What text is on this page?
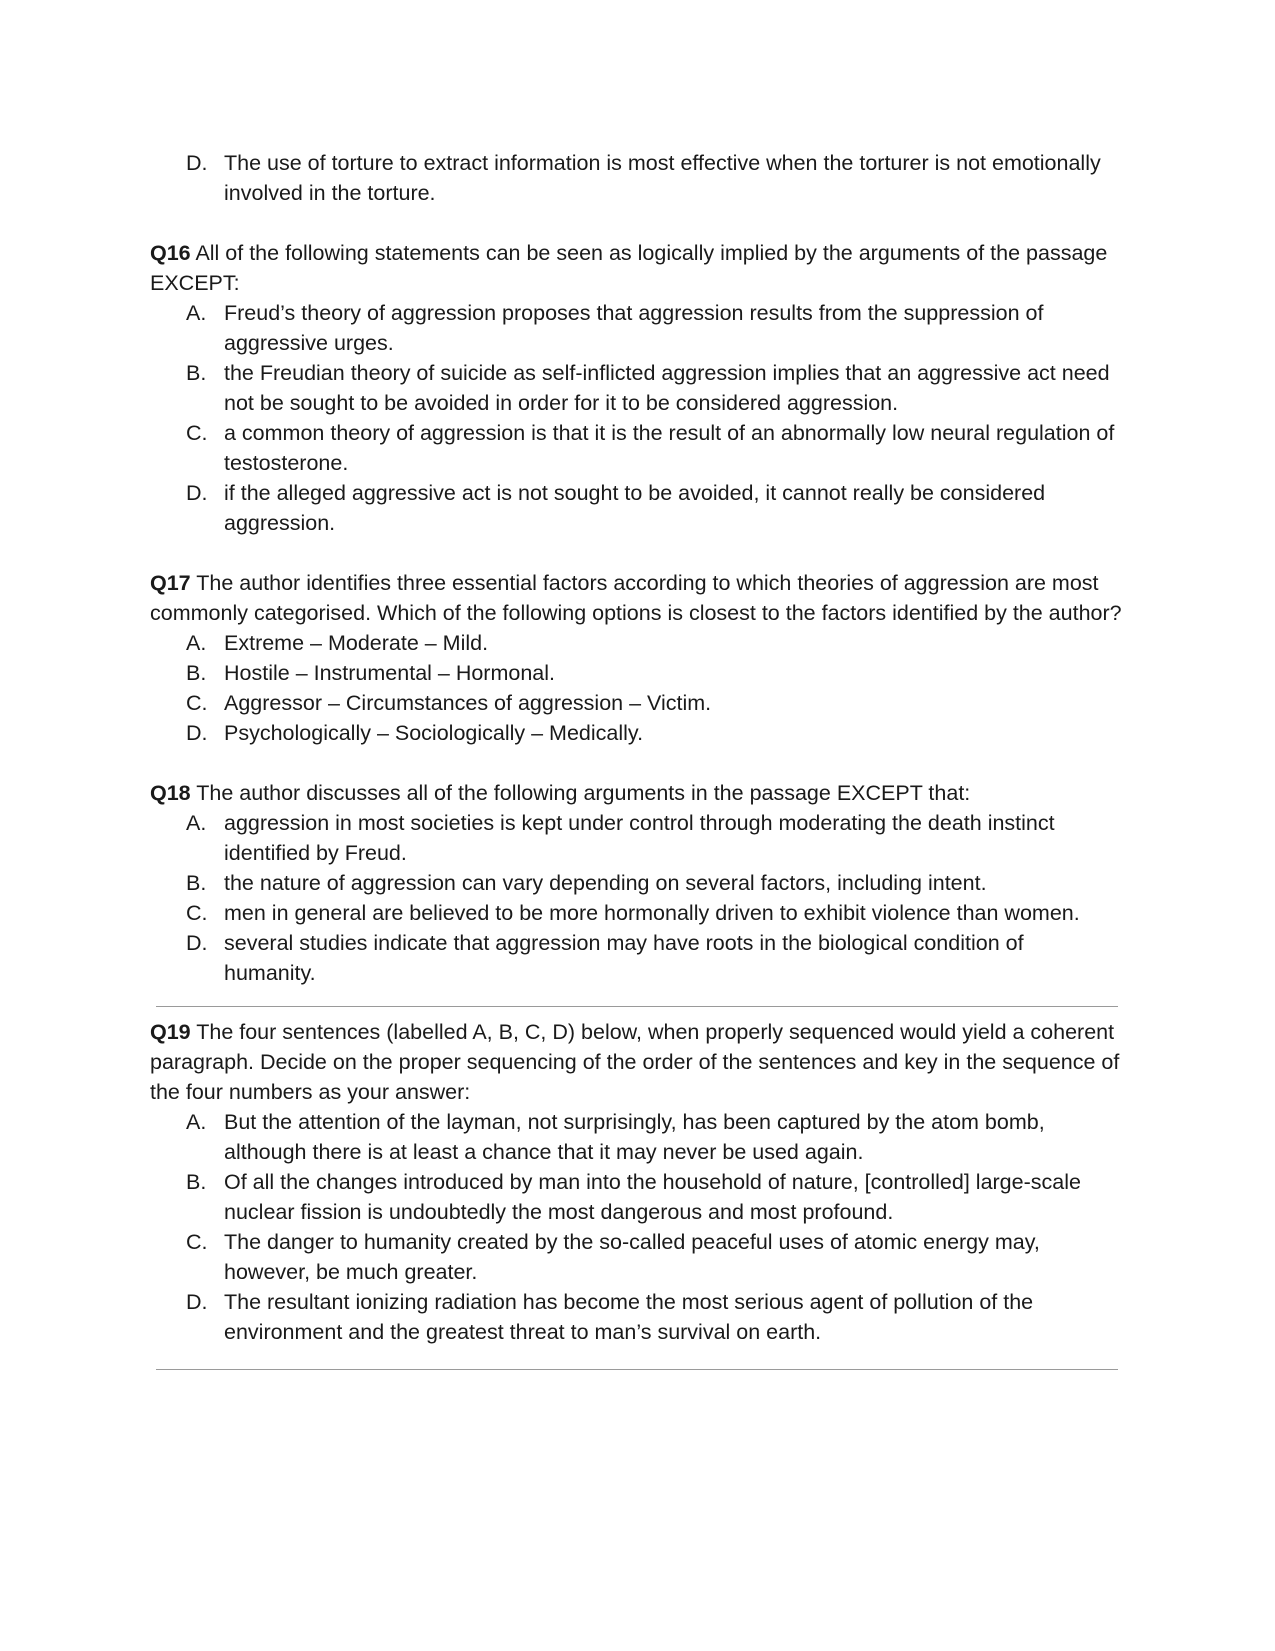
D. The use of torture to extract information is most effective when the torturer is not emotionally involved in the torture.
Q16 All of the following statements can be seen as logically implied by the arguments of the passage EXCEPT:
A. Freud’s theory of aggression proposes that aggression results from the suppression of aggressive urges.
B. the Freudian theory of suicide as self-inflicted aggression implies that an aggressive act need not be sought to be avoided in order for it to be considered aggression.
C. a common theory of aggression is that it is the result of an abnormally low neural regulation of testosterone.
D. if the alleged aggressive act is not sought to be avoided, it cannot really be considered aggression.
Q17 The author identifies three essential factors according to which theories of aggression are most commonly categorised. Which of the following options is closest to the factors identified by the author?
A. Extreme – Moderate – Mild.
B. Hostile – Instrumental – Hormonal.
C. Aggressor – Circumstances of aggression – Victim.
D. Psychologically – Sociologically – Medically.
Q18 The author discusses all of the following arguments in the passage EXCEPT that:
A. aggression in most societies is kept under control through moderating the death instinct identified by Freud.
B. the nature of aggression can vary depending on several factors, including intent.
C. men in general are believed to be more hormonally driven to exhibit violence than women.
D. several studies indicate that aggression may have roots in the biological condition of humanity.
Q19 The four sentences (labelled A, B, C, D) below, when properly sequenced would yield a coherent paragraph. Decide on the proper sequencing of the order of the sentences and key in the sequence of the four numbers as your answer:
A. But the attention of the layman, not surprisingly, has been captured by the atom bomb, although there is at least a chance that it may never be used again.
B. Of all the changes introduced by man into the household of nature, [controlled] large-scale nuclear fission is undoubtedly the most dangerous and most profound.
C. The danger to humanity created by the so-called peaceful uses of atomic energy may, however, be much greater.
D. The resultant ionizing radiation has become the most serious agent of pollution of the environment and the greatest threat to man’s survival on earth.
